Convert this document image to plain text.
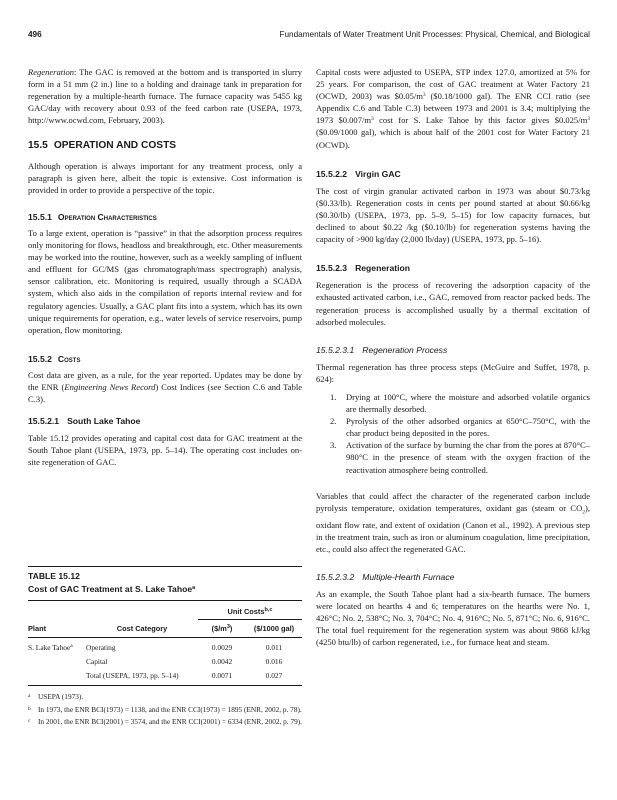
496	Fundamentals of Water Treatment Unit Processes: Physical, Chemical, and Biological

Regeneration: The GAC is removed at the bottom and is transported in slurry form in a 51 mm (2 in.) line to a holding and drainage tank in preparation for regeneration by a multiple-hearth furnace. The furnace capacity was 5455 kg GAC/day with recovery about 0.93 of the feed carbon rate (USEPA, 1973, http://www.ocwd.com, February, 2003).

15.5 OPERATION AND COSTS

Although operation is always important for any treatment process, only a paragraph is given here, albeit the topic is extensive. Cost information is provided in order to provide a perspective of the topic.

15.5.1 Operation Characteristics

To a large extent, operation is “passive” in that the adsorption process requires only monitoring for flows, headloss and breakthrough, etc. Other measurements may be worked into the routine, however, such as a weekly sampling of influent and effluent for GC/MS (gas chromatograph/mass spectrograph) analysis, sensor calibration, etc. Monitoring is required, usually through a SCADA system, which also aids in the compilation of reports internal review and for regulatory agencies. Usually, a GAC plant fits into a system, which has its own unique requirements for operation, e.g., water levels of service reservoirs, pump operation, flow monitoring.

15.5.2 Costs

Cost data are given, as a rule, for the year reported. Updates may be done by the ENR (Engineering News Record) Cost Indices (see Section C.6 and Table C.3).

15.5.2.1 South Lake Tahoe

Table 15.12 provides operating and capital cost data for GAC treatment at the South Tahoe plant (USEPA, 1973, pp. 5–14). The operating cost includes on-site regeneration of GAC.

TABLE 15.12
Cost of GAC Treatment at S. Lake Tahoe$^a$
		Unit Costs$^{b,c}$
Plant	Cost Category	$(\$/m^3)$	($/1000 gal)
S. Lake Tahoe$^a$	Operating	0.0029	0.011
	Capital	0.0042	0.016
	Total (USEPA, 1973, pp. 5–14)	0.0071	0.027
a USEPA (1973).
b In 1973, the ENR BCI(1973) = 1138, and the ENR CCI(1973) = 1895 (ENR, 2002, p. 78).
c In 2001, the ENR BCI(2001) = 3574, and the ENR CCI(2001) = 6334 (ENR, 2002, p. 79).

Capital costs were adjusted to USEPA, STP index 127.0, amortized at 5% for 25 years. For comparison, the cost of GAC treatment at Water Factory 21 (OCWD, 2003) was $\$0.05/m^3$ ($0.18/1000 gal). The ENR CCI ratio (see Appendix C.6 and Table C.3) between 1973 and 2001 is 3.4; multiplying the 1973 $\$0.007/m^3$ cost for S. Lake Tahoe by this factor gives $\$0.025/m^3$ ($0.09/1000 gal), which is about half of the 2001 cost for Water Factory 21 (OCWD).

15.5.2.2 Virgin GAC

The cost of virgin granular activated carbon in 1973 was about $0.73/kg ($0.33/lb). Regeneration costs in cents per pound started at about $0.66/kg ($0.30/lb) (USEPA, 1973, pp. 5–9, 5–15) for low capacity furnaces, but declined to about $0.22 /kg ($0.10/lb) for regeneration systems having the capacity of >900 kg/day (2,000 lb/day) (USEPA, 1973, pp. 5–16).

15.5.2.3 Regeneration

Regeneration is the process of recovering the adsorption capacity of the exhausted activated carbon, i.e., GAC, removed from reactor packed beds. The regeneration process is accomplished usually by a thermal excitation of adsorbed molecules.

15.5.2.3.1 Regeneration Process

Thermal regeneration has three process steps (McGuire and Suffet, 1978, p. 624):

1. Drying at 100°C, where the moisture and adsorbed volatile organics are thermally desorbed.
2. Pyrolysis of the other adsorbed organics at 650°C–750°C, with the char product being deposited in the pores.
3. Activation of the surface by burning the char from the pores at 870°C–980°C in the presence of steam with the oxygen fraction of the reactivation atmosphere being controlled.

Variables that could affect the character of the regenerated carbon include pyrolysis temperature, oxidation temperatures, oxidant gas (steam or $CO_2$), oxidant flow rate, and extent of oxidation (Canon et al., 1992). A previous step in the treatment train, such as iron or aluminum coagulation, lime precipitation, etc., could also affect the regenerated GAC.

15.5.2.3.2 Multiple-Hearth Furnace

As an example, the South Tahoe plant had a six-hearth furnace. The burners were located on hearths 4 and 6; temperatures on the hearths were No. 1, 426°C; No. 2, 538°C; No. 3, 704°C; No. 4, 916°C; No. 5, 871°C; No. 6, 916°C. The total fuel requirement for the regeneration system was about 9868 kJ/kg (4250 btu/lb) of carbon regenerated, i.e., for furnace heat and steam.
